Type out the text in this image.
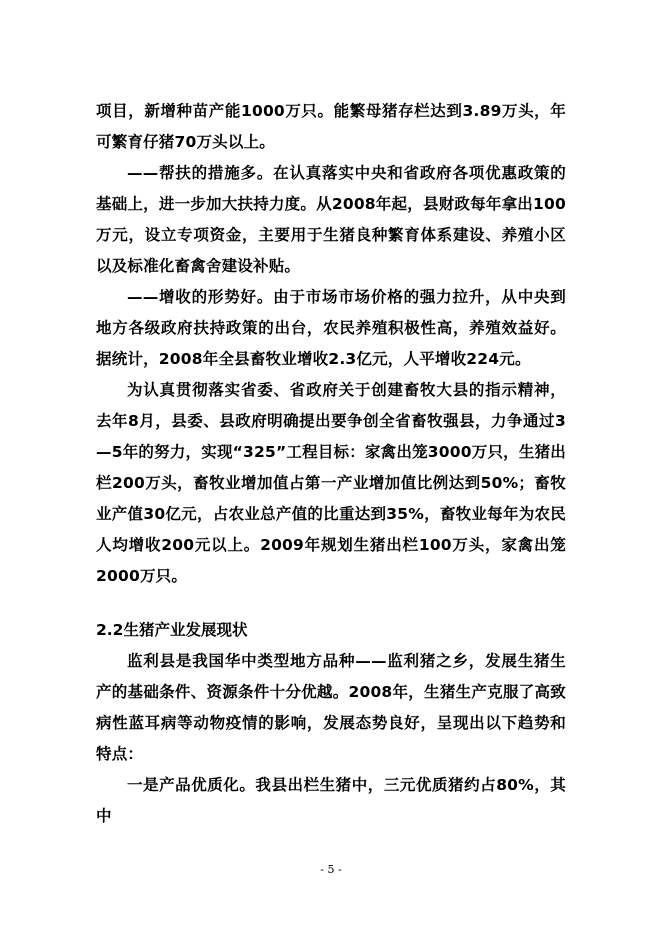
项目，新增种苗产能1000万只。能繁母猪存栏达到3.89万头，年可繁育仔猪70万头以上。

——帮扶的措施多。在认真落实中央和省政府各项优惠政策的基础上，进一步加大扶持力度。从2008年起，县财政每年拿出100万元，设立专项资金，主要用于生猪良种繁育体系建设、养殖小区以及标准化畜禽舍建设补贴。

——增收的形势好。由于市场市场价格的强力拉升，从中央到地方各级政府扶持政策的出台，农民养殖积极性高，养殖效益好。据统计，2008年全县畜牧业增收2.3亿元，人平增收224元。

为认真贯彻落实省委、省政府关于创建畜牧大县的指示精神，去年8月，县委、县政府明确提出要争创全省畜牧强县，力争通过3—5年的努力，实现“325”工程目标：家禽出笼3000万只，生猪出栏200万头，畜牧业增加值占第一产业增加值比例达到50%；畜牧业产值30亿元，占农业总产值的比重达到35%，畜牧业每年为农民人均增收200元以上。2009年规划生猪出栏100万头，家禽出笼2000万只。

2.2生猪产业发展现状

监利县是我国华中类型地方品种——监利猪之乡，发展生猪生产的基础条件、资源条件十分优越。2008年，生猪生产克服了高致病性蓝耳病等动物疫情的影响，发展态势良好，呈现出以下趋势和特点：

一是产品优质化。我县出栏生猪中，三元优质猪约占80%，其中

- 5 -
